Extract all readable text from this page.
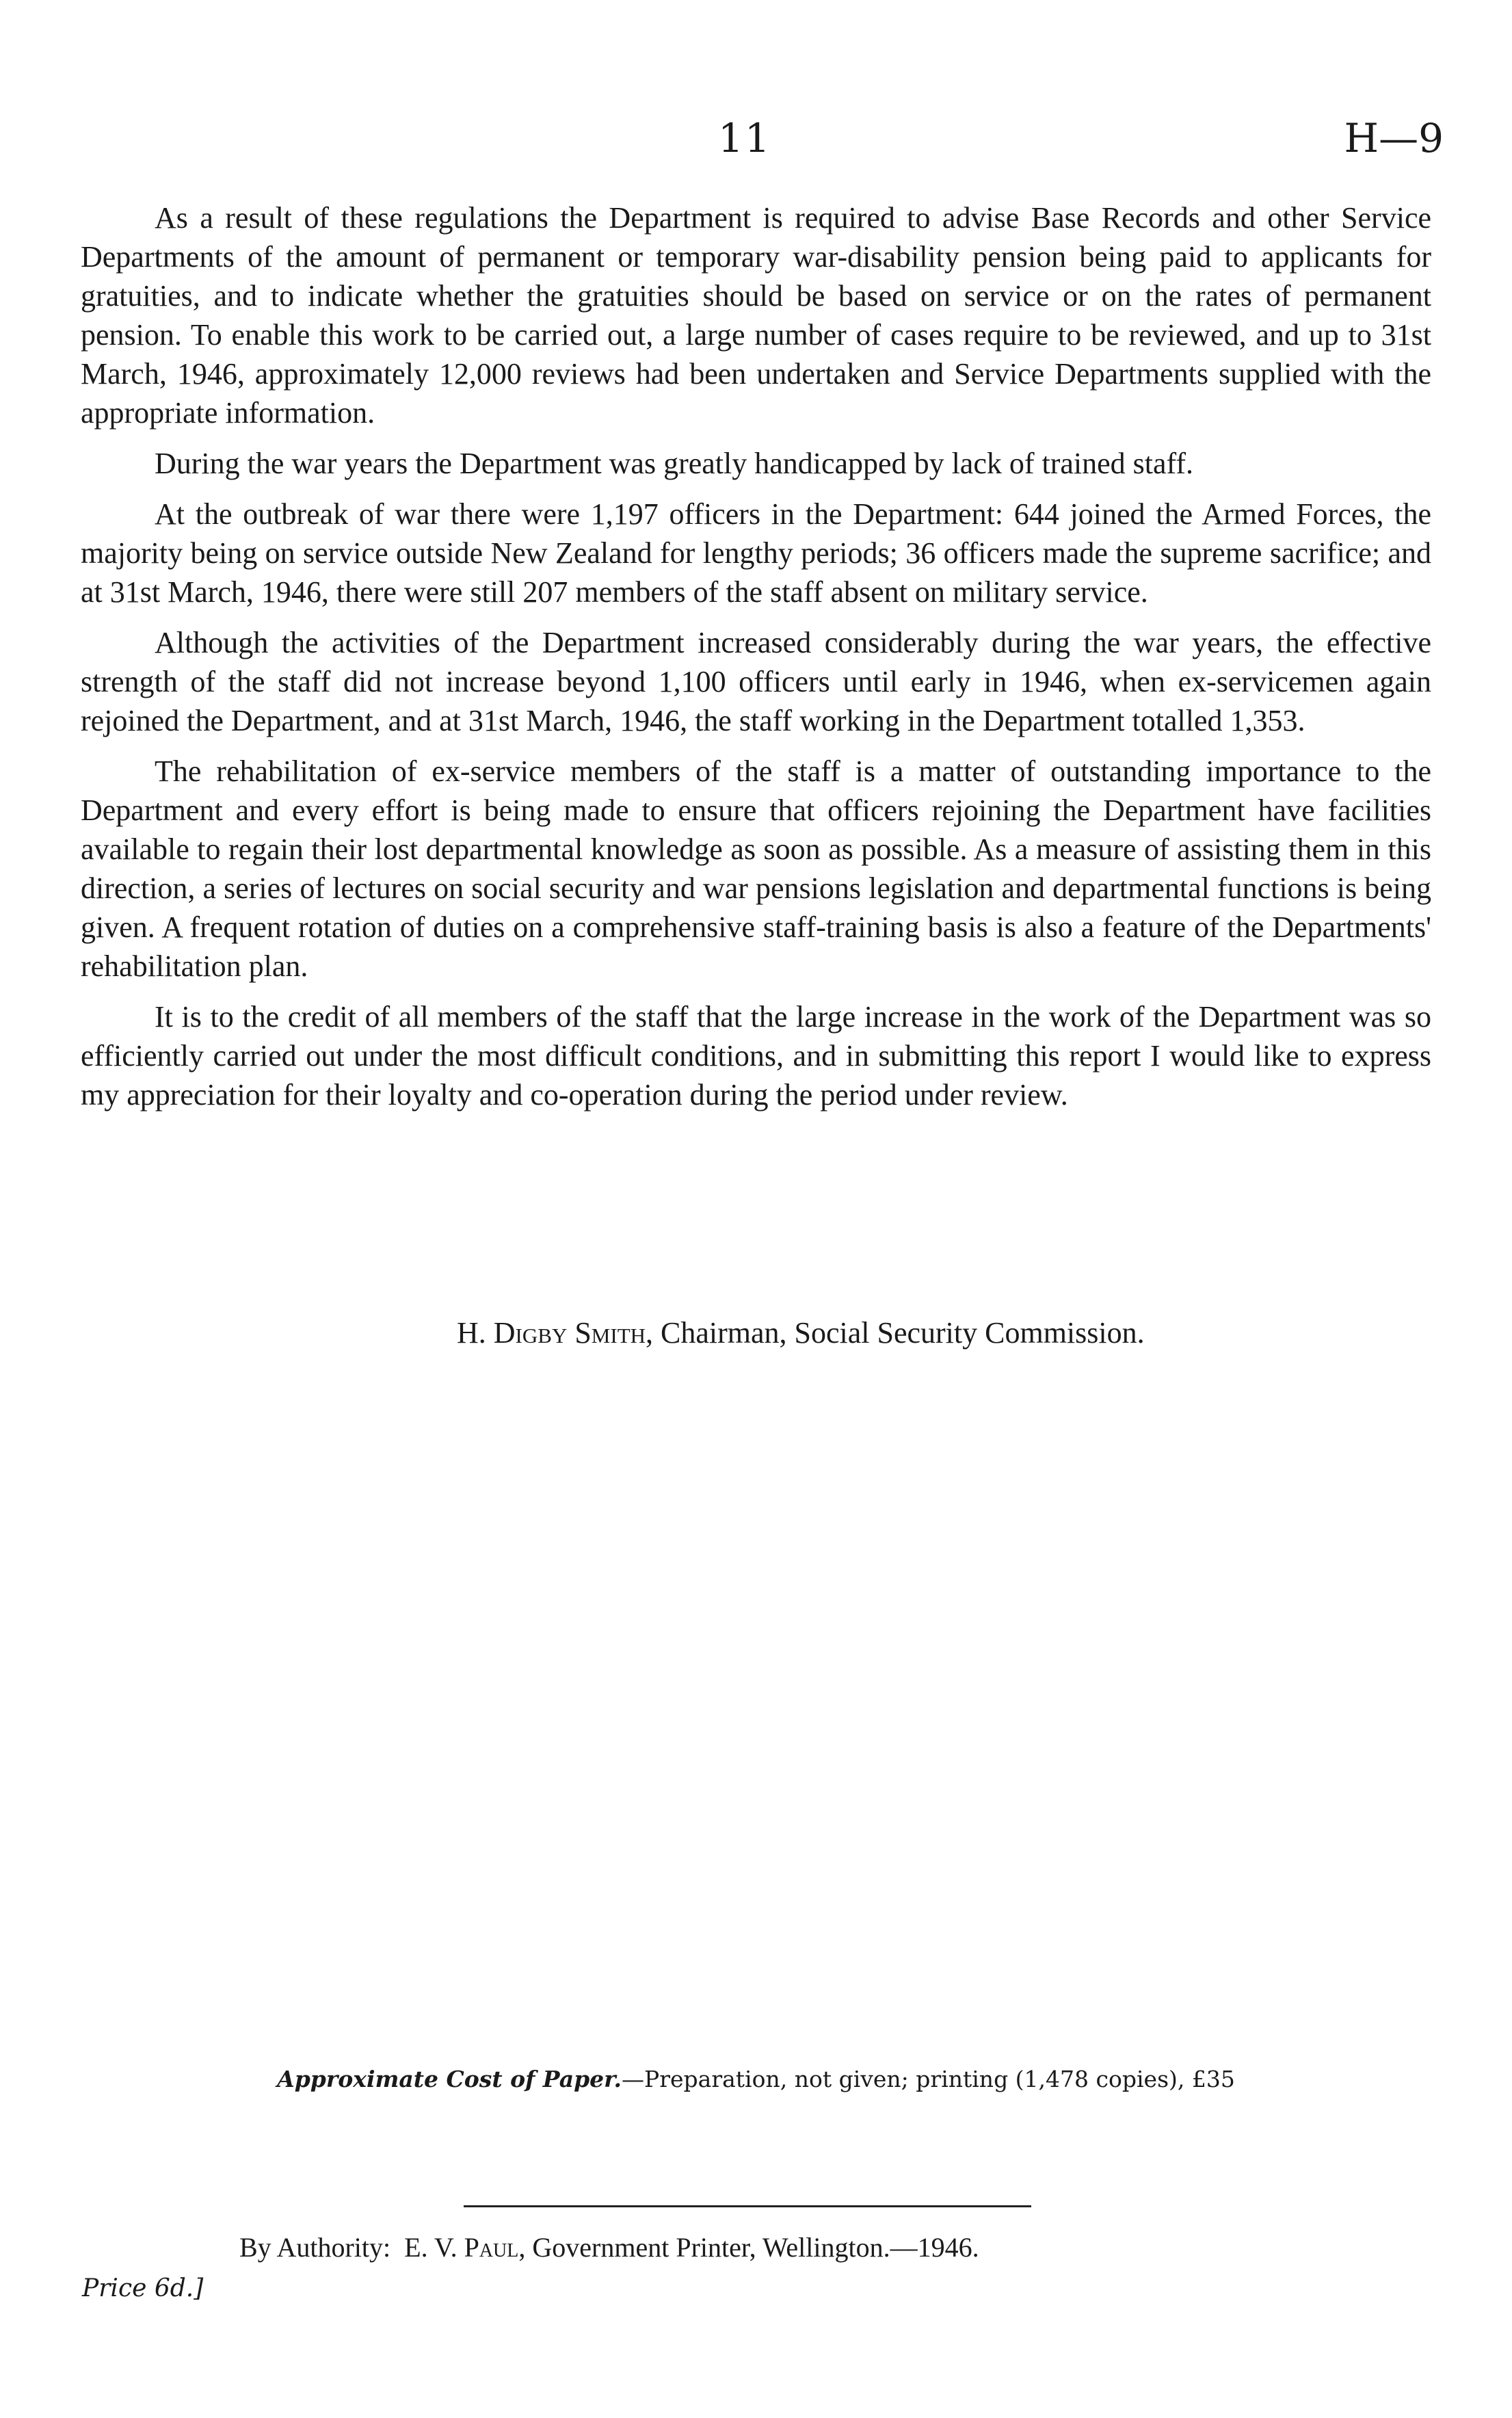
11	H—9

As a result of these regulations the Department is required to advise Base Records and other Service Departments of the amount of permanent or temporary war-disability pension being paid to applicants for gratuities, and to indicate whether the gratuities should be based on service or on the rates of permanent pension. To enable this work to be carried out, a large number of cases require to be reviewed, and up to 31st March, 1946, approximately 12,000 reviews had been undertaken and Service Departments supplied with the appropriate information.

During the war years the Department was greatly handicapped by lack of trained staff.

At the outbreak of war there were 1,197 officers in the Department: 644 joined the Armed Forces, the majority being on service outside New Zealand for lengthy periods; 36 officers made the supreme sacrifice; and at 31st March, 1946, there were still 207 members of the staff absent on military service.

Although the activities of the Department increased considerably during the war years, the effective strength of the staff did not increase beyond 1,100 officers until early in 1946, when ex-servicemen again rejoined the Department, and at 31st March, 1946, the staff working in the Department totalled 1,353.

The rehabilitation of ex-service members of the staff is a matter of outstanding importance to the Department and every effort is being made to ensure that officers rejoining the Department have facilities available to regain their lost departmental knowledge as soon as possible. As a measure of assisting them in this direction, a series of lectures on social security and war pensions legislation and departmental functions is being given. A frequent rotation of duties on a comprehensive staff-training basis is also a feature of the Departments' rehabilitation plan.

It is to the credit of all members of the staff that the large increase in the work of the Department was so efficiently carried out under the most difficult conditions, and in submitting this report I would like to express my appreciation for their loyalty and co-operation during the period under review.

H. Digby Smith, Chairman, Social Security Commission.
Approximate Cost of Paper.—Preparation, not given; printing (1,478 copies), £35
By Authority: E. V. Paul, Government Printer, Wellington.—1946.
Price 6d.]
